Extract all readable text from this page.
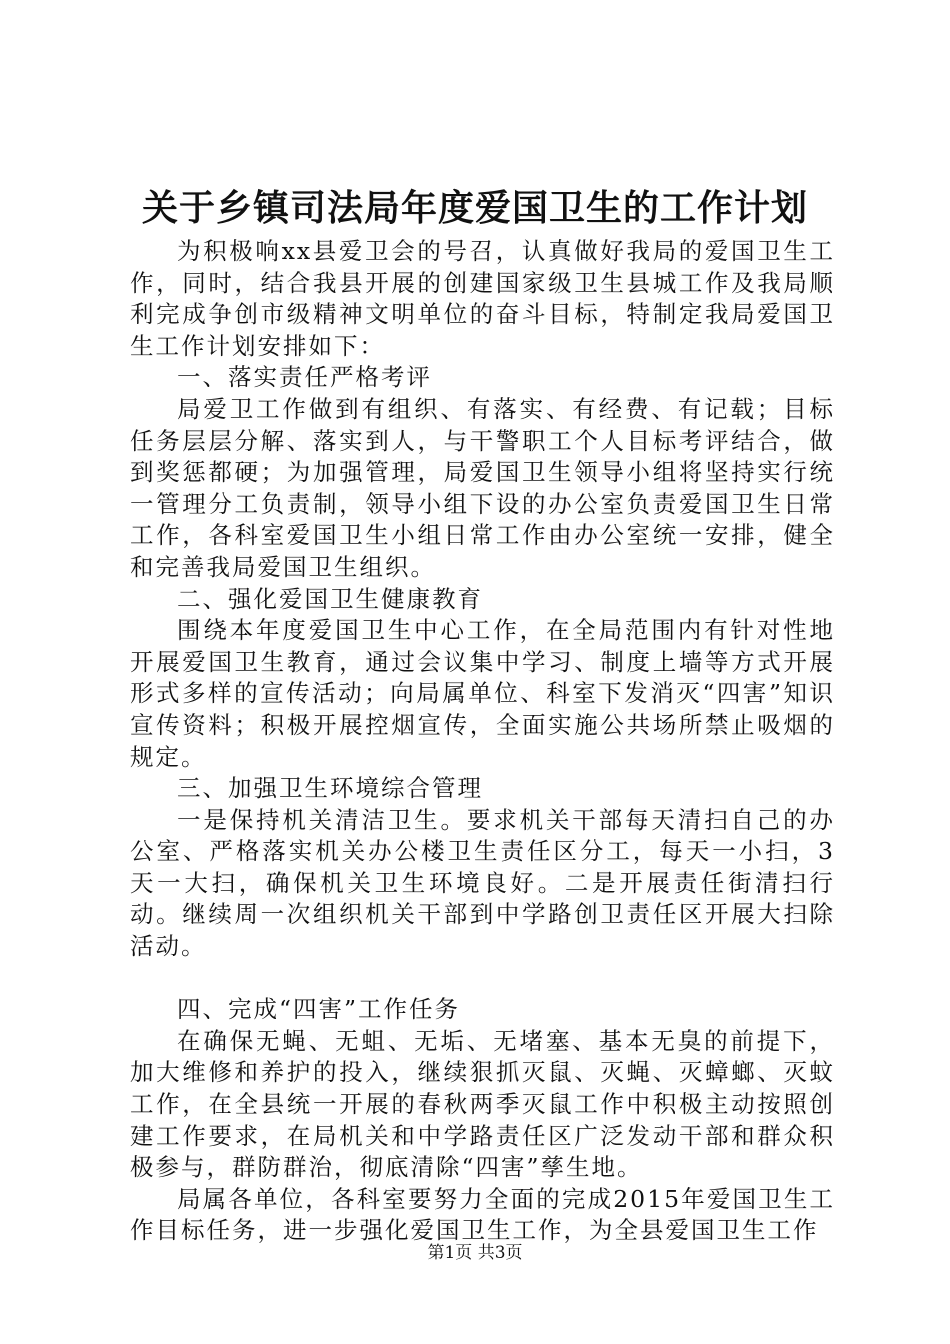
关于乡镇司法局年度爱国卫生的工作计划

为积极响xx县爱卫会的号召，认真做好我局的爱国卫生工作，同时，结合我县开展的创建国家级卫生县城工作及我局顺利完成争创市级精神文明单位的奋斗目标，特制定我局爱国卫生工作计划安排如下：

一、落实责任严格考评

局爱卫工作做到有组织、有落实、有经费、有记载；目标任务层层分解、落实到人，与干警职工个人目标考评结合，做到奖惩都硬；为加强管理，局爱国卫生领导小组将坚持实行统一管理分工负责制，领导小组下设的办公室负责爱国卫生日常工作，各科室爱国卫生小组日常工作由办公室统一安排，健全和完善我局爱国卫生组织。

二、强化爱国卫生健康教育

围绕本年度爱国卫生中心工作，在全局范围内有针对性地开展爱国卫生教育，通过会议集中学习、制度上墙等方式开展形式多样的宣传活动；向局属单位、科室下发消灭“四害”知识宣传资料；积极开展控烟宣传，全面实施公共场所禁止吸烟的规定。

三、加强卫生环境综合管理

一是保持机关清洁卫生。要求机关干部每天清扫自己的办公室、严格落实机关办公楼卫生责任区分工，每天一小扫，3天一大扫，确保机关卫生环境良好。二是开展责任街清扫行动。继续周一次组织机关干部到中学路创卫责任区开展大扫除活动。

四、完成“四害”工作任务

在确保无蝇、无蛆、无垢、无堵塞、基本无臭的前提下，加大维修和养护的投入，继续狠抓灭鼠、灭蝇、灭蟑螂、灭蚊工作，在全县统一开展的春秋两季灭鼠工作中积极主动按照创建工作要求，在局机关和中学路责任区广泛发动干部和群众积极参与，群防群治，彻底清除“四害”孳生地。

局属各单位，各科室要努力全面的完成2015年爱国卫生工作目标任务，进一步强化爱国卫生工作，为全县爱国卫生工作

第1页 共3页
